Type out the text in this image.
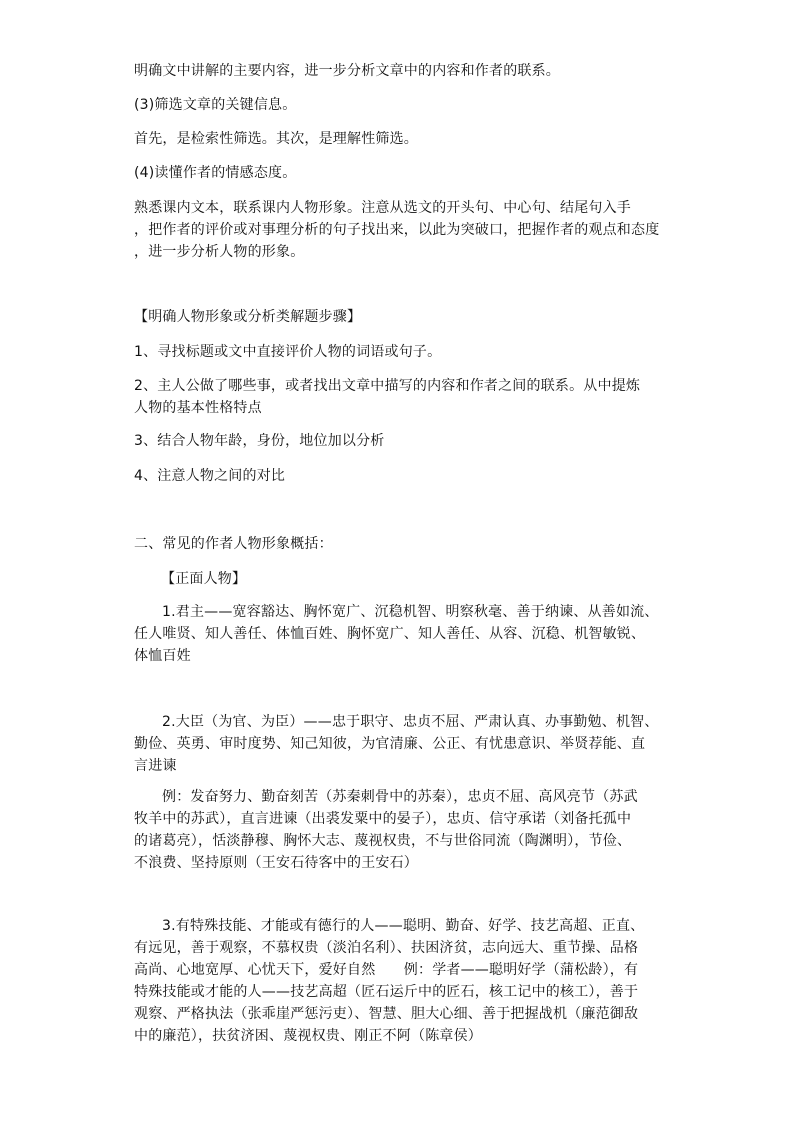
明确文中讲解的主要内容，进一步分析文章中的内容和作者的联系。
(3)筛选文章的关键信息。
首先，是检索性筛选。其次，是理解性筛选。
(4)读懂作者的情感态度。
熟悉课内文本，联系课内人物形象。注意从选文的开头句、中心句、结尾句入手
，把作者的评价或对事理分析的句子找出来，以此为突破口，把握作者的观点和态度
，进一步分析人物的形象。
【明确人物形象或分析类解题步骤】
1、寻找标题或文中直接评价人物的词语或句子。
2、主人公做了哪些事，或者找出文章中描写的内容和作者之间的联系。从中提炼
人物的基本性格特点
3、结合人物年龄，身份，地位加以分析
4、注意人物之间的对比
二、常见的作者人物形象概括：
【正面人物】
1.君主——宽容豁达、胸怀宽广、沉稳机智、明察秋毫、善于纳谏、从善如流、
任人唯贤、知人善任、体恤百姓、胸怀宽广、知人善任、从容、沉稳、机智敏锐、
体恤百姓
2.大臣（为官、为臣）——忠于职守、忠贞不屈、严肃认真、办事勤勉、机智、
勤俭、英勇、审时度势、知己知彼，为官清廉、公正、有忧患意识、举贤荐能、直
言进谏
例：发奋努力、勤奋刻苦（苏秦刺骨中的苏秦），忠贞不屈、高风亮节（苏武
牧羊中的苏武），直言进谏（出裘发粟中的晏子），忠贞、信守承诺（刘备托孤中
的诸葛亮），恬淡静穆、胸怀大志、蔑视权贵，不与世俗同流（陶渊明），节俭、
不浪费、坚持原则（王安石待客中的王安石）
3.有特殊技能、才能或有德行的人——聪明、勤奋、好学、技艺高超、正直、
有远见，善于观察，不慕权贵（淡泊名利）、扶困济贫，志向远大、重节操、品格
高尚、心地宽厚、心忧天下，爱好自然　　例：学者——聪明好学（蒲松龄），有
特殊技能或才能的人——技艺高超（匠石运斤中的匠石，核工记中的核工），善于
观察、严格执法（张乖崖严惩污吏）、智慧、胆大心细、善于把握战机（廉范御敌
中的廉范），扶贫济困、蔑视权贵、刚正不阿（陈章侯）
